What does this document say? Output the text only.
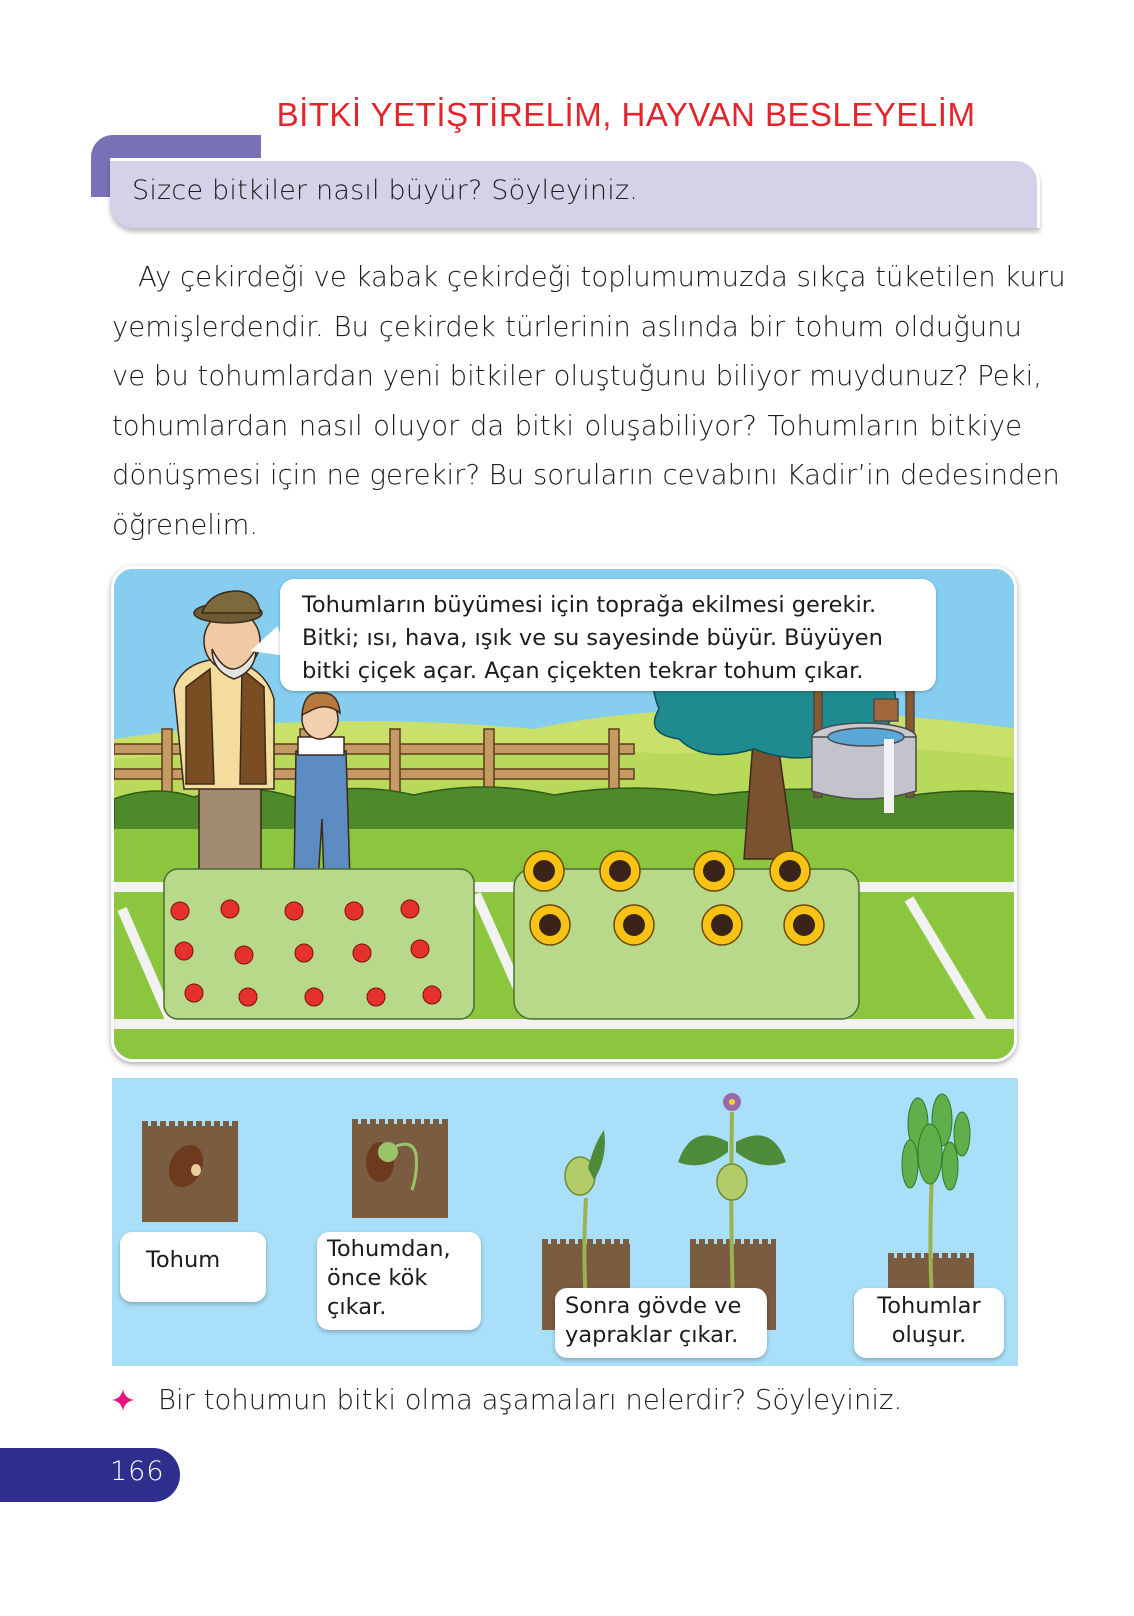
BİTKİ YETİŞTİRELİM, HAYVAN BESLEYELİM
Sizce bitkiler nasıl büyür? Söyleyiniz.
Ay çekirdeği ve kabak çekirdeği toplumumuzda sıkça tüketilen kuru
yemişlerdendir. Bu çekirdek türlerinin aslında bir tohum olduğunu
ve bu tohumlardan yeni bitkiler oluştuğunu biliyor muydunuz? Peki,
tohumlardan nasıl oluyor da bitki oluşabiliyor? Tohumların bitkiye
dönüşmesi için ne gerekir? Bu soruların cevabını Kadir’in dedesinden
öğrenelim.
Tohumların büyümesi için toprağa ekilmesi gerekir.
Bitki; ısı, hava, ışık ve su sayesinde büyür. Büyüyen
bitki çiçek açar. Açan çiçekten tekrar tohum çıkar.
Tohum	Tohumdan,
önce kök
çıkar.	Sonra gövde ve
yapraklar çıkar.
Tohumlar
oluşur.
Bir tohumun bitki olma aşamaları nelerdir? Söyleyiniz.
166
